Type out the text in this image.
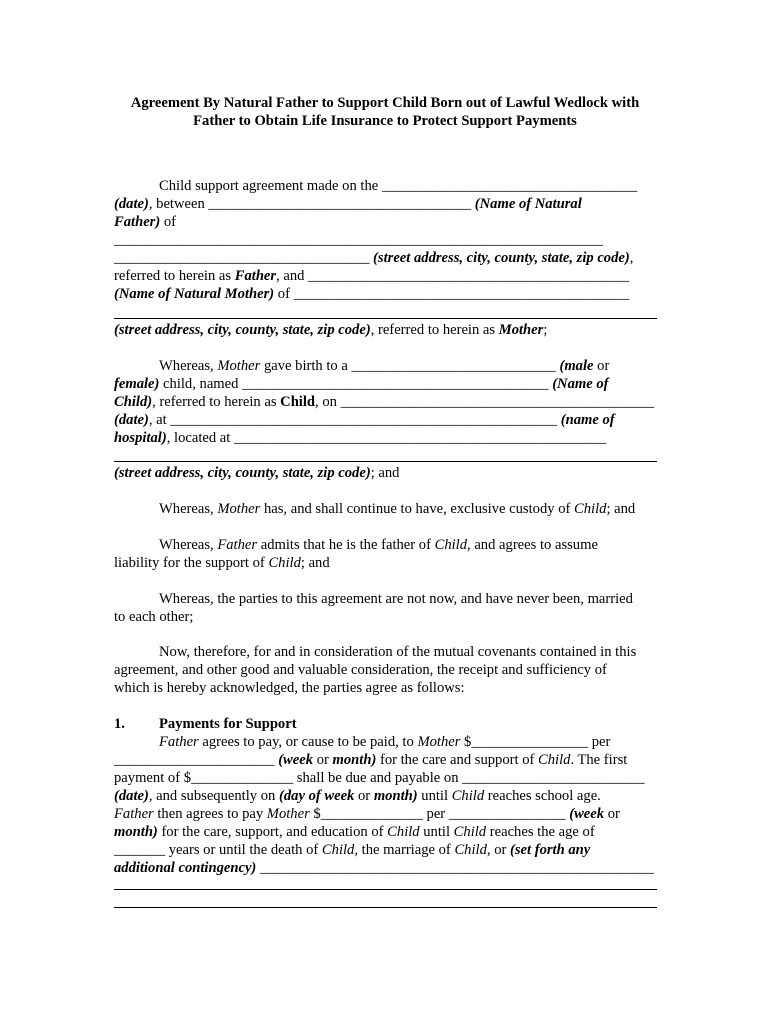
Agreement By Natural Father to Support Child Born out of Lawful Wedlock with
Father to Obtain Life Insurance to Protect Support Payments
Child support agreement made on the ___________________________________
(date), between ____________________________________ (Name of Natural
Father) of
___________________________________________________________________
___________________________________ (street address, city, county, state, zip code),
referred to herein as Father, and ____________________________________________
(Name of Natural Mother) of ______________________________________________
(street address, city, county, state, zip code), referred to herein as Mother;
Whereas, Mother gave birth to a ____________________________ (male or
female) child, named __________________________________________ (Name of
Child), referred to herein as Child, on ___________________________________________
(date), at _____________________________________________________ (name of
hospital), located at ___________________________________________________
(street address, city, county, state, zip code); and
Whereas, Mother has, and shall continue to have, exclusive custody of Child; and
Whereas, Father admits that he is the father of Child, and agrees to assume
liability for the support of Child; and
Whereas, the parties to this agreement are not now, and have never been, married
to each other;
Now, therefore, for and in consideration of the mutual covenants contained in this
agreement, and other good and valuable consideration, the receipt and sufficiency of
which is hereby acknowledged, the parties agree as follows:
1. Payments for Support
Father agrees to pay, or cause to be paid, to Mother $________________ per
______________________ (week or month) for the care and support of Child. The first
payment of $______________ shall be due and payable on _________________________
(date), and subsequently on (day of week or month) until Child reaches school age.
Father then agrees to pay Mother $______________ per ________________ (week or
month) for the care, support, and education of Child until Child reaches the age of
_______ years or until the death of Child, the marriage of Child, or (set forth any
additional contingency) ______________________________________________________
